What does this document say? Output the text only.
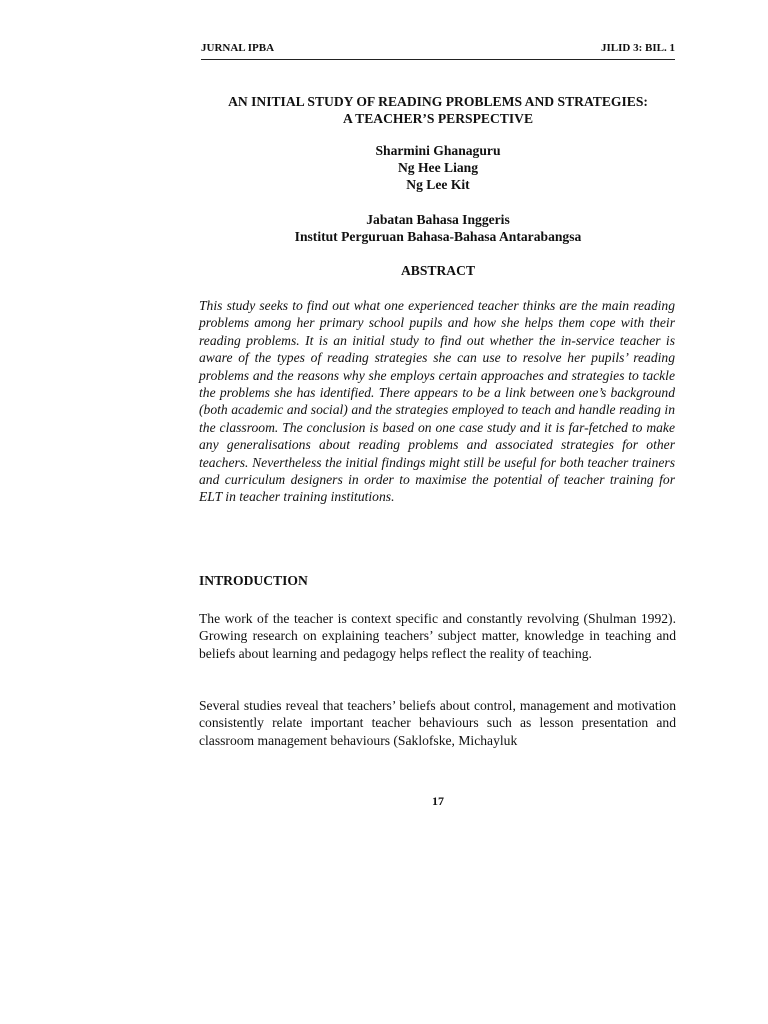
JURNAL IPBA	JILID 3: BIL. 1
AN INITIAL STUDY OF READING PROBLEMS AND STRATEGIES:
A TEACHER’S PERSPECTIVE
Sharmini Ghanaguru
Ng Hee Liang
Ng Lee Kit
Jabatan Bahasa Inggeris
Institut Perguruan Bahasa-Bahasa Antarabangsa
ABSTRACT
This study seeks to find out what one experienced teacher thinks are the main reading problems among her primary school pupils and how she helps them cope with their reading problems. It is an initial study to find out whether the in-service teacher is aware of the types of reading strategies she can use to resolve her pupils’ reading problems and the reasons why she employs certain approaches and strategies to tackle the problems she has identified. There appears to be a link between one’s background (both academic and social) and the strategies employed to teach and handle reading in the classroom. The conclusion is based on one case study and it is far-fetched to make any generalisations about reading problems and associated strategies for other teachers. Nevertheless the initial findings might still be useful for both teacher trainers and curriculum designers in order to maximise the potential of teacher training for ELT in teacher training institutions.
INTRODUCTION
The work of the teacher is context specific and constantly revolving (Shulman 1992). Growing research on explaining teachers’ subject matter, knowledge in teaching and beliefs about learning and pedagogy helps reflect the reality of teaching.
Several studies reveal that teachers’ beliefs about control, management and motivation consistently relate important teacher behaviours such as lesson presentation and classroom management behaviours (Saklofske, Michayluk
17
